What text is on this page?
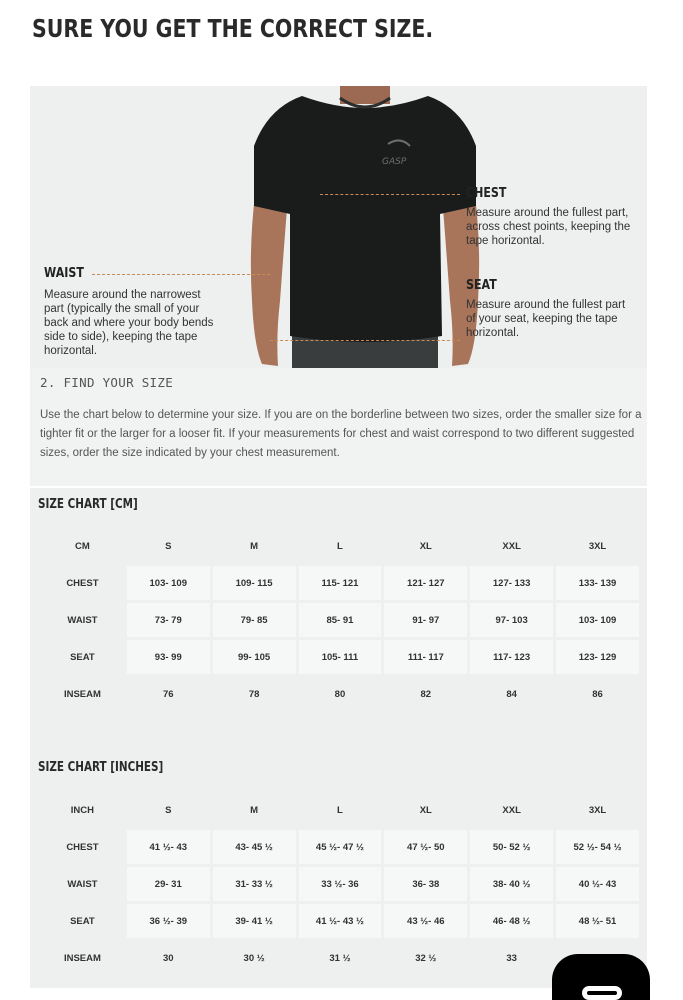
SURE YOU GET THE CORRECT SIZE.
GASP
CHEST
Measure around the fullest part, across chest points, keeping the tape horizontal.
WAIST
Measure around the narrowest part (typically the small of your back and where your body bends side to side), keeping the tape horizontal.
SEAT
Measure around the fullest part of your seat, keeping the tape horizontal.
2. FIND YOUR SIZE
Use the chart below to determine your size. If you are on the borderline between two sizes, order the smaller size for a tighter fit or the larger for a looser fit. If your measurements for chest and waist correspond to two different suggested sizes, order the size indicated by your chest measurement.
SIZE CHART [CM]
CM	S	M	L	XL	XXL	3XL
CHEST	103- 109	109- 115	115- 121	121- 127	127- 133	133- 139
WAIST	73- 79	79- 85	85- 91	91- 97	97- 103	103- 109
SEAT	93- 99	99- 105	105- 111	111- 117	117- 123	123- 129
INSEAM	76	78	80	82	84	86
SIZE CHART [INCHES]
INCH	S	M	L	XL	XXL	3XL
CHEST	41 ½- 43	43- 45 ½	45 ½- 47 ½	47 ½- 50	50- 52 ½	52 ½- 54 ½
WAIST	29- 31	31- 33 ½	33 ½- 36	36- 38	38- 40 ½	40 ½- 43
SEAT	36 ½- 39	39- 41 ½	41 ½- 43 ½	43 ½- 46	46- 48 ½	48 ½- 51
INSEAM	30	30 ½	31 ½	32 ½	33	
